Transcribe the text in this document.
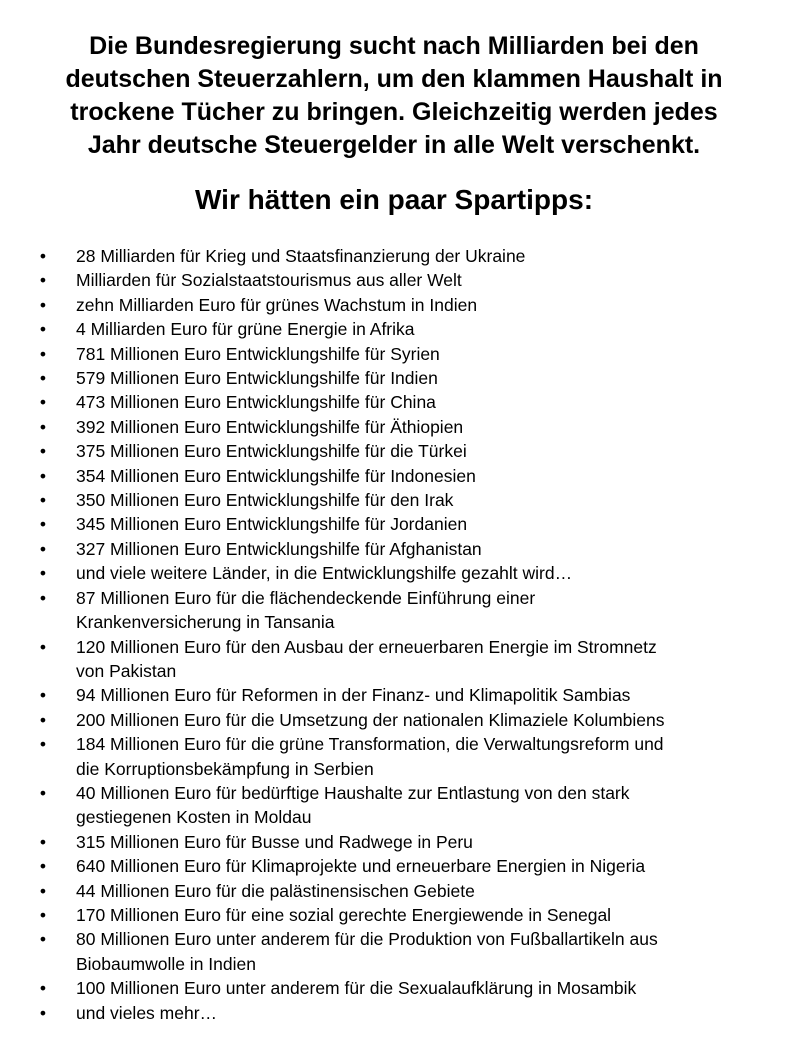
Die Bundesregierung sucht nach Milliarden bei den
deutschen Steuerzahlern, um den klammen Haushalt in
trockene Tücher zu bringen. Gleichzeitig werden jedes
Jahr deutsche Steuergelder in alle Welt verschenkt.
Wir hätten ein paar Spartipps:
• 28 Milliarden für Krieg und Staatsfinanzierung der Ukraine
• Milliarden für Sozialstaatstourismus aus aller Welt
• zehn Milliarden Euro für grünes Wachstum in Indien
• 4 Milliarden Euro für grüne Energie in Afrika
• 781 Millionen Euro Entwicklungshilfe für Syrien
• 579 Millionen Euro Entwicklungshilfe für Indien
• 473 Millionen Euro Entwicklungshilfe für China
• 392 Millionen Euro Entwicklungshilfe für Äthiopien
• 375 Millionen Euro Entwicklungshilfe für die Türkei
• 354 Millionen Euro Entwicklungshilfe für Indonesien
• 350 Millionen Euro Entwicklungshilfe für den Irak
• 345 Millionen Euro Entwicklungshilfe für Jordanien
• 327 Millionen Euro Entwicklungshilfe für Afghanistan
• und viele weitere Länder, in die Entwicklungshilfe gezahlt wird…
• 87 Millionen Euro für die flächendeckende Einführung einer
Krankenversicherung in Tansania
• 120 Millionen Euro für den Ausbau der erneuerbaren Energie im Stromnetz
von Pakistan
• 94 Millionen Euro für Reformen in der Finanz- und Klimapolitik Sambias
• 200 Millionen Euro für die Umsetzung der nationalen Klimaziele Kolumbiens
• 184 Millionen Euro für die grüne Transformation, die Verwaltungsreform und
die Korruptionsbekämpfung in Serbien
• 40 Millionen Euro für bedürftige Haushalte zur Entlastung von den stark
gestiegenen Kosten in Moldau
• 315 Millionen Euro für Busse und Radwege in Peru
• 640 Millionen Euro für Klimaprojekte und erneuerbare Energien in Nigeria
• 44 Millionen Euro für die palästinensischen Gebiete
• 170 Millionen Euro für eine sozial gerechte Energiewende in Senegal
• 80 Millionen Euro unter anderem für die Produktion von Fußballartikeln aus
Biobaumwolle in Indien
• 100 Millionen Euro unter anderem für die Sexualaufklärung in Mosambik
• und vieles mehr…
